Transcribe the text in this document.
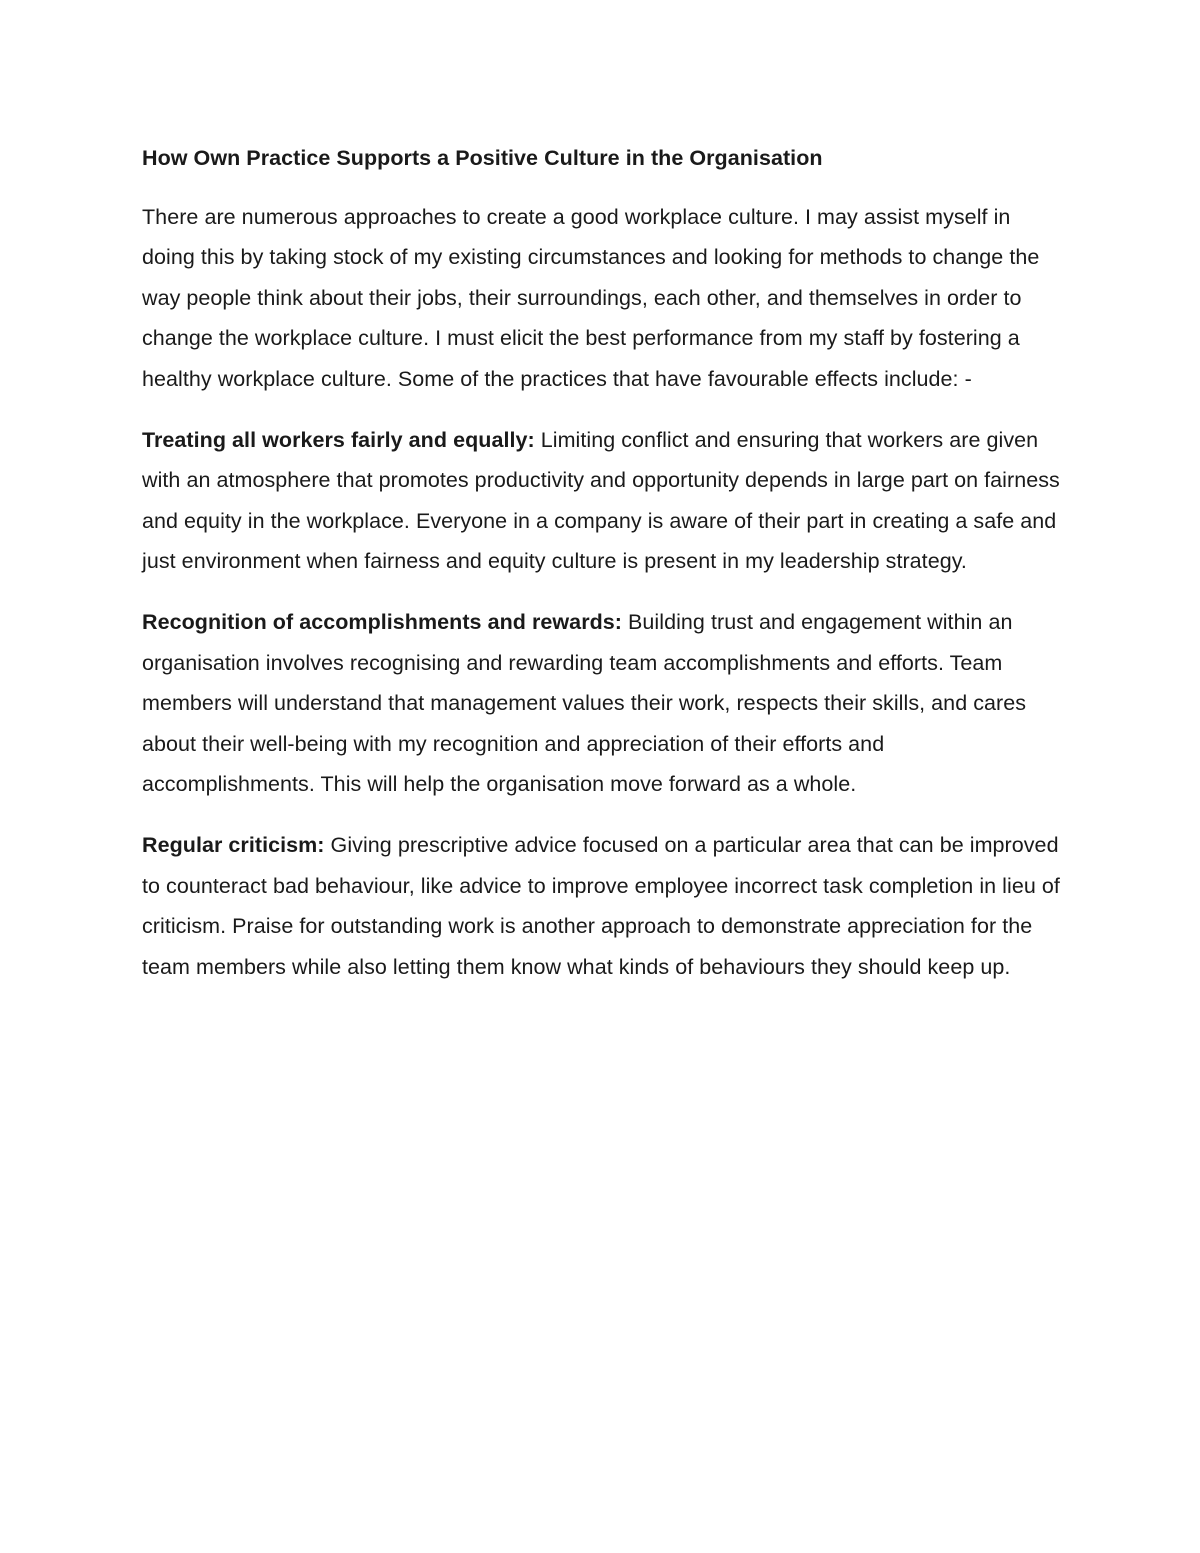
How Own Practice Supports a Positive Culture in the Organisation

There are numerous approaches to create a good workplace culture. I may assist myself in doing this by taking stock of my existing circumstances and looking for methods to change the way people think about their jobs, their surroundings, each other, and themselves in order to change the workplace culture. I must elicit the best performance from my staff by fostering a healthy workplace culture. Some of the practices that have favourable effects include: -

Treating all workers fairly and equally: Limiting conflict and ensuring that workers are given with an atmosphere that promotes productivity and opportunity depends in large part on fairness and equity in the workplace. Everyone in a company is aware of their part in creating a safe and just environment when fairness and equity culture is present in my leadership strategy.

Recognition of accomplishments and rewards: Building trust and engagement within an organisation involves recognising and rewarding team accomplishments and efforts. Team members will understand that management values their work, respects their skills, and cares about their well-being with my recognition and appreciation of their efforts and accomplishments. This will help the organisation move forward as a whole.

Regular criticism: Giving prescriptive advice focused on a particular area that can be improved to counteract bad behaviour, like advice to improve employee incorrect task completion in lieu of criticism. Praise for outstanding work is another approach to demonstrate appreciation for the team members while also letting them know what kinds of behaviours they should keep up.
